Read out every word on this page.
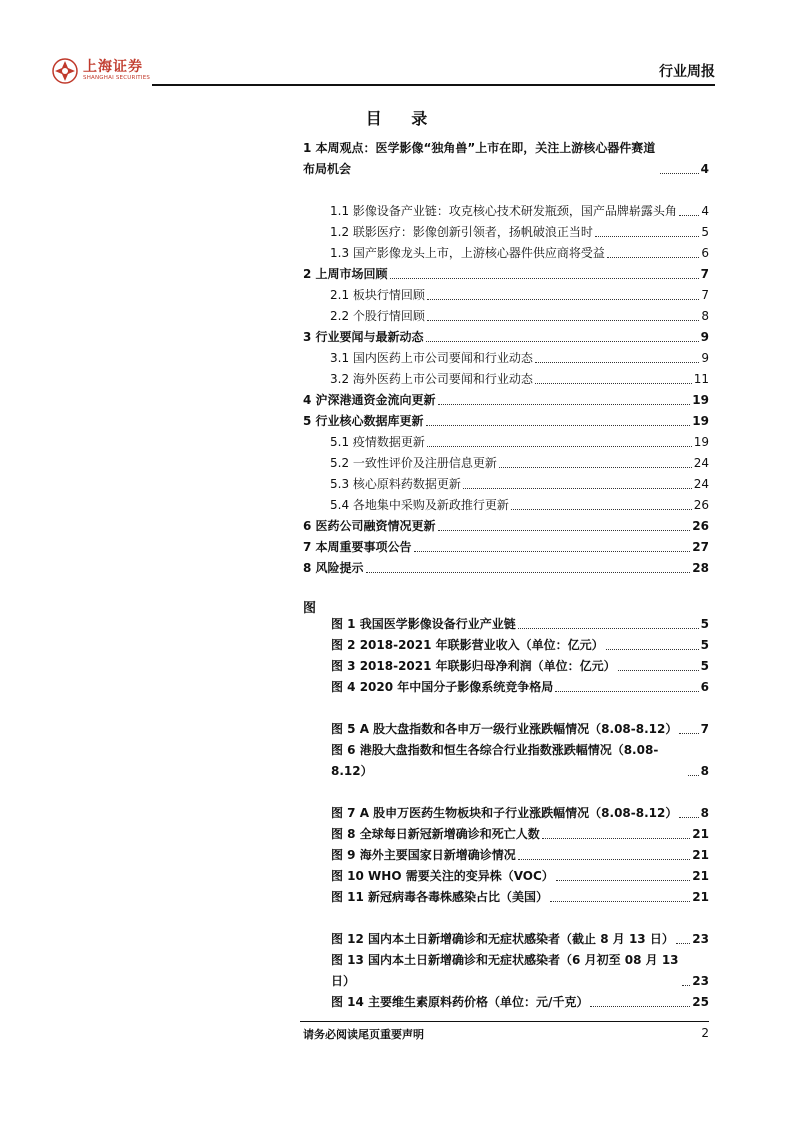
上海证券
SHANGHAI SECURITIES	行业周报
目 录
1 本周观点：医学影像“独角兽”上市在即，关注上游核心器件赛道布局机会	4
1.1 影像设备产业链：攻克核心技术研发瓶颈，国产品牌崭露头角 4
1.2 联影医疗：影像创新引领者，扬帆破浪正当时	5
1.3 国产影像龙头上市，上游核心器件供应商将受益	6
2 上周市场回顾	7
2.1 板块行情回顾	7
2.2 个股行情回顾	8
3 行业要闻与最新动态	9
3.1 国内医药上市公司要闻和行业动态	9
3.2 海外医药上市公司要闻和行业动态	11
4 沪深港通资金流向更新	19
5 行业核心数据库更新	19
5.1 疫情数据更新	19
5.2 一致性评价及注册信息更新	24
5.3 核心原料药数据更新	24
5.4 各地集中采购及新政推行更新	26
6 医药公司融资情况更新	26
7 本周重要事项公告	27
8 风险提示	28
图
图 1 我国医学影像设备行业产业链	5
图 2 2018-2021 年联影营业收入（单位：亿元）	5
图 3 2018-2021 年联影归母净利润（单位：亿元）	5
图 4 2020 年中国分子影像系统竞争格局	6
图 5 A 股大盘指数和各申万一级行业涨跌幅情况（8.08-8.12） 7
图 6 港股大盘指数和恒生各综合行业指数涨跌幅情况（8.08-8.12）	8
图 7 A 股申万医药生物板块和子行业涨跌幅情况（8.08-8.12） 8
图 8 全球每日新冠新增确诊和死亡人数	21
图 9 海外主要国家日新增确诊情况	21
图 10 WHO 需要关注的变异株（VOC）	21
图 11 新冠病毒各毒株感染占比（美国）	21
图 12 国内本土日新增确诊和无症状感染者（截止 8 月 13 日） 23
图 13 国内本土日新增确诊和无症状感染者（6 月初至 08 月 13 日）	23
图 14 主要维生素原料药价格（单位：元/千克）	25
请务必阅读尾页重要声明	2
